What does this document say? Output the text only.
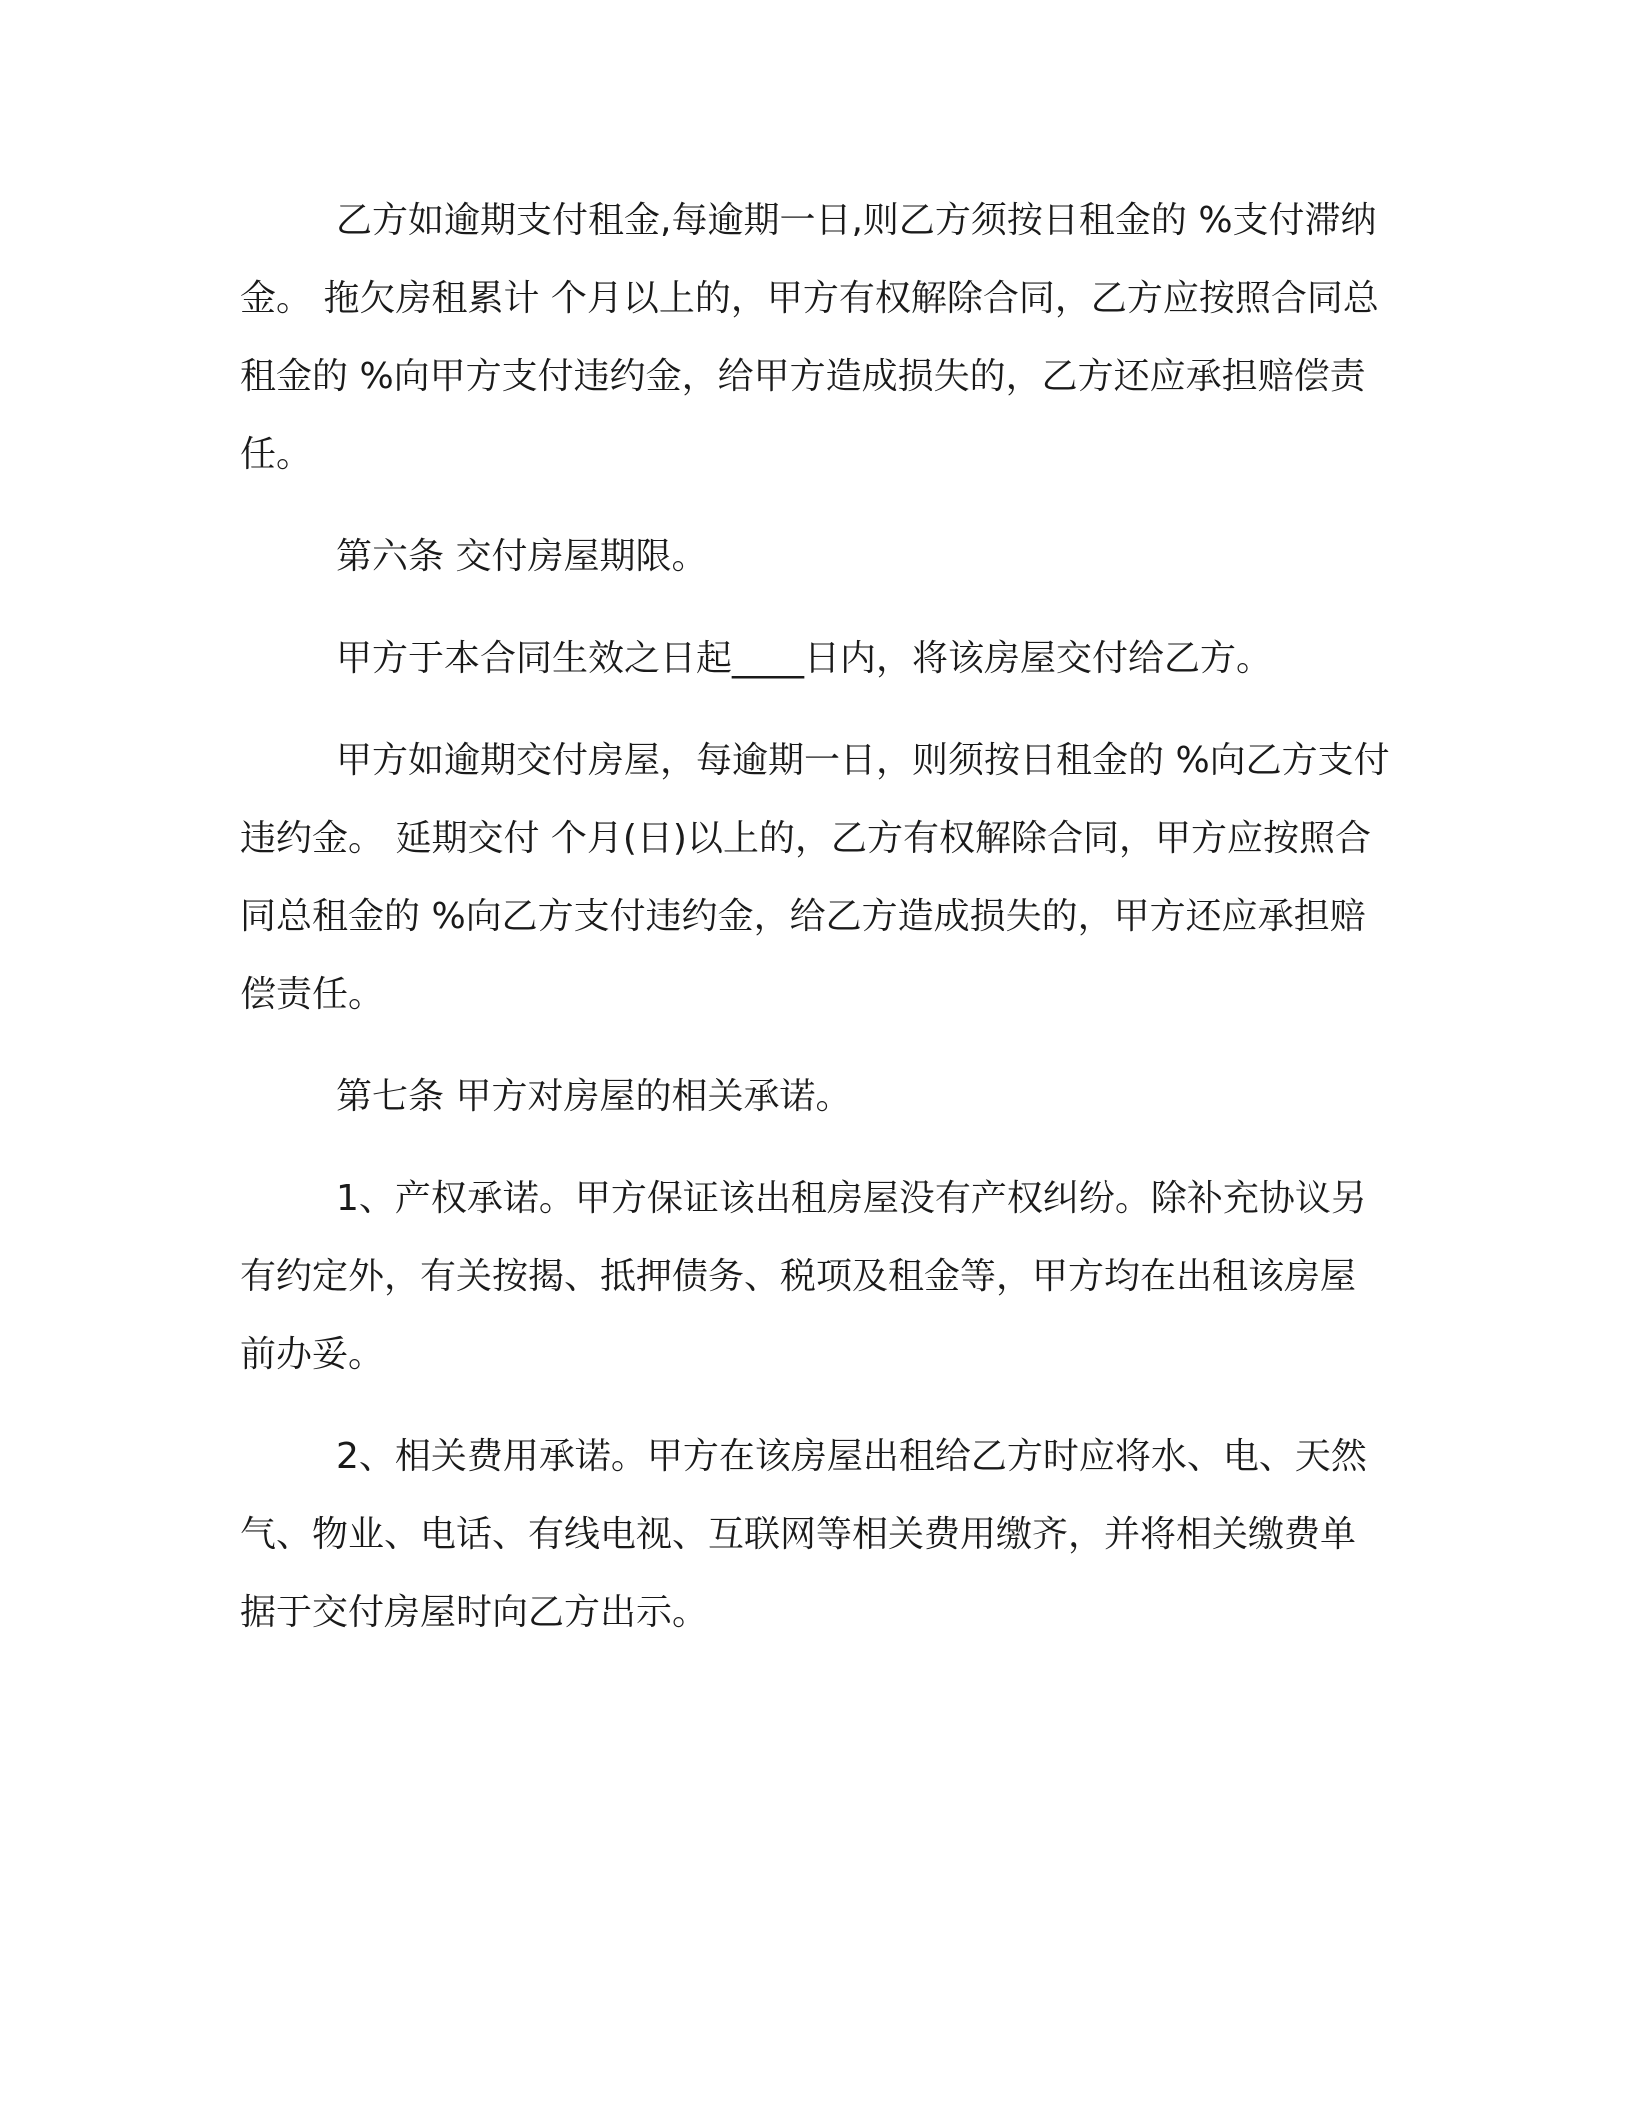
乙方如逾期支付租金,每逾期一日,则乙方须按日租金的 %支付滞纳金。 拖欠房租累计 个月以上的，甲方有权解除合同，乙方应按照合同总租金的 %向甲方支付违约金，给甲方造成损失的，乙方还应承担赔偿责任。

第六条 交付房屋期限。

甲方于本合同生效之日起____日内，将该房屋交付给乙方。

甲方如逾期交付房屋，每逾期一日，则须按日租金的 %向乙方支付违约金。 延期交付 个月(日)以上的，乙方有权解除合同，甲方应按照合同总租金的 %向乙方支付违约金，给乙方造成损失的，甲方还应承担赔偿责任。

第七条 甲方对房屋的相关承诺。

1、产权承诺。甲方保证该出租房屋没有产权纠纷。除补充协议另有约定外，有关按揭、抵押债务、税项及租金等，甲方均在出租该房屋前办妥。

2、相关费用承诺。甲方在该房屋出租给乙方时应将水、电、天然气、物业、电话、有线电视、互联网等相关费用缴齐，并将相关缴费单据于交付房屋时向乙方出示。
